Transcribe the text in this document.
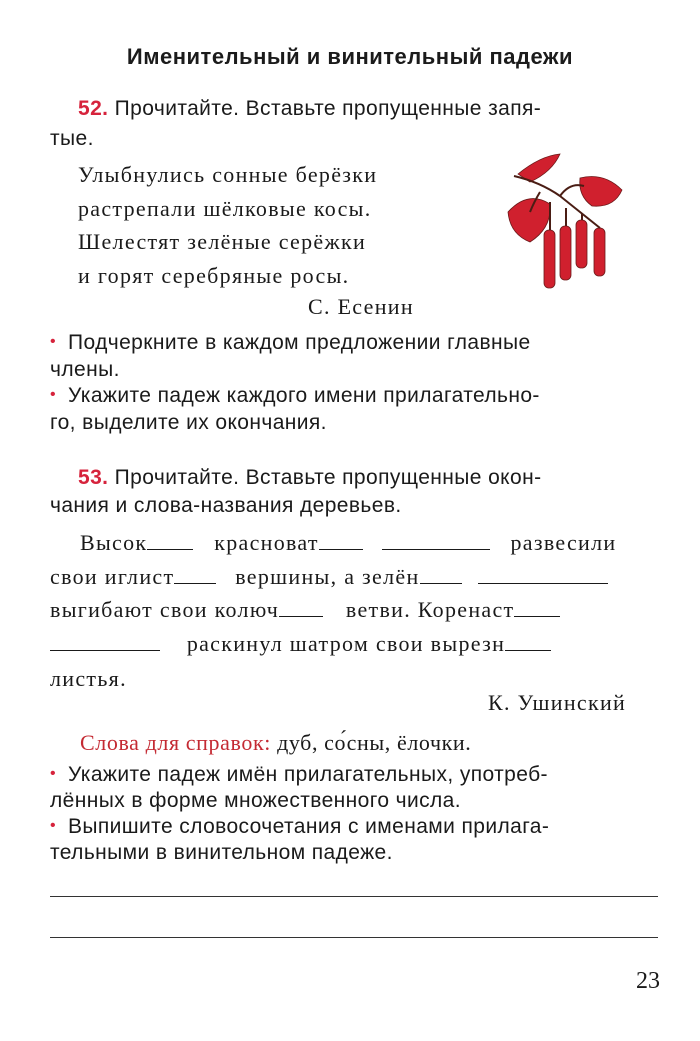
Именительный и винительный падежи
52. Прочитайте. Вставьте пропущенные запя-
тые.
Улыбнулись сонные берёзки
растрепали шёлковые косы.
Шелестят зелёные серёжки
и горят серебряные росы.
С. Есенин
• Подчеркните в каждом предложении главные
члены.
• Укажите падеж каждого имени прилагательно-
го, выделите их окончания.
53. Прочитайте. Вставьте пропущенные окон-
чания и слова-названия деревьев.
Высок	красноват	развесили
свои иглист	вершины, а зелён
выгибают свои колюч	ветви. Коренаст
раскинул шатром свои вырезн
листья.
К. Ушинский
Слова для справок: дуб, со́сны, ёлочки.
• Укажите падеж имён прилагательных, употреб-
лённых в форме множественного числа.
• Выпишите словосочетания с именами прилага-
тельными в винительном падеже.
23
